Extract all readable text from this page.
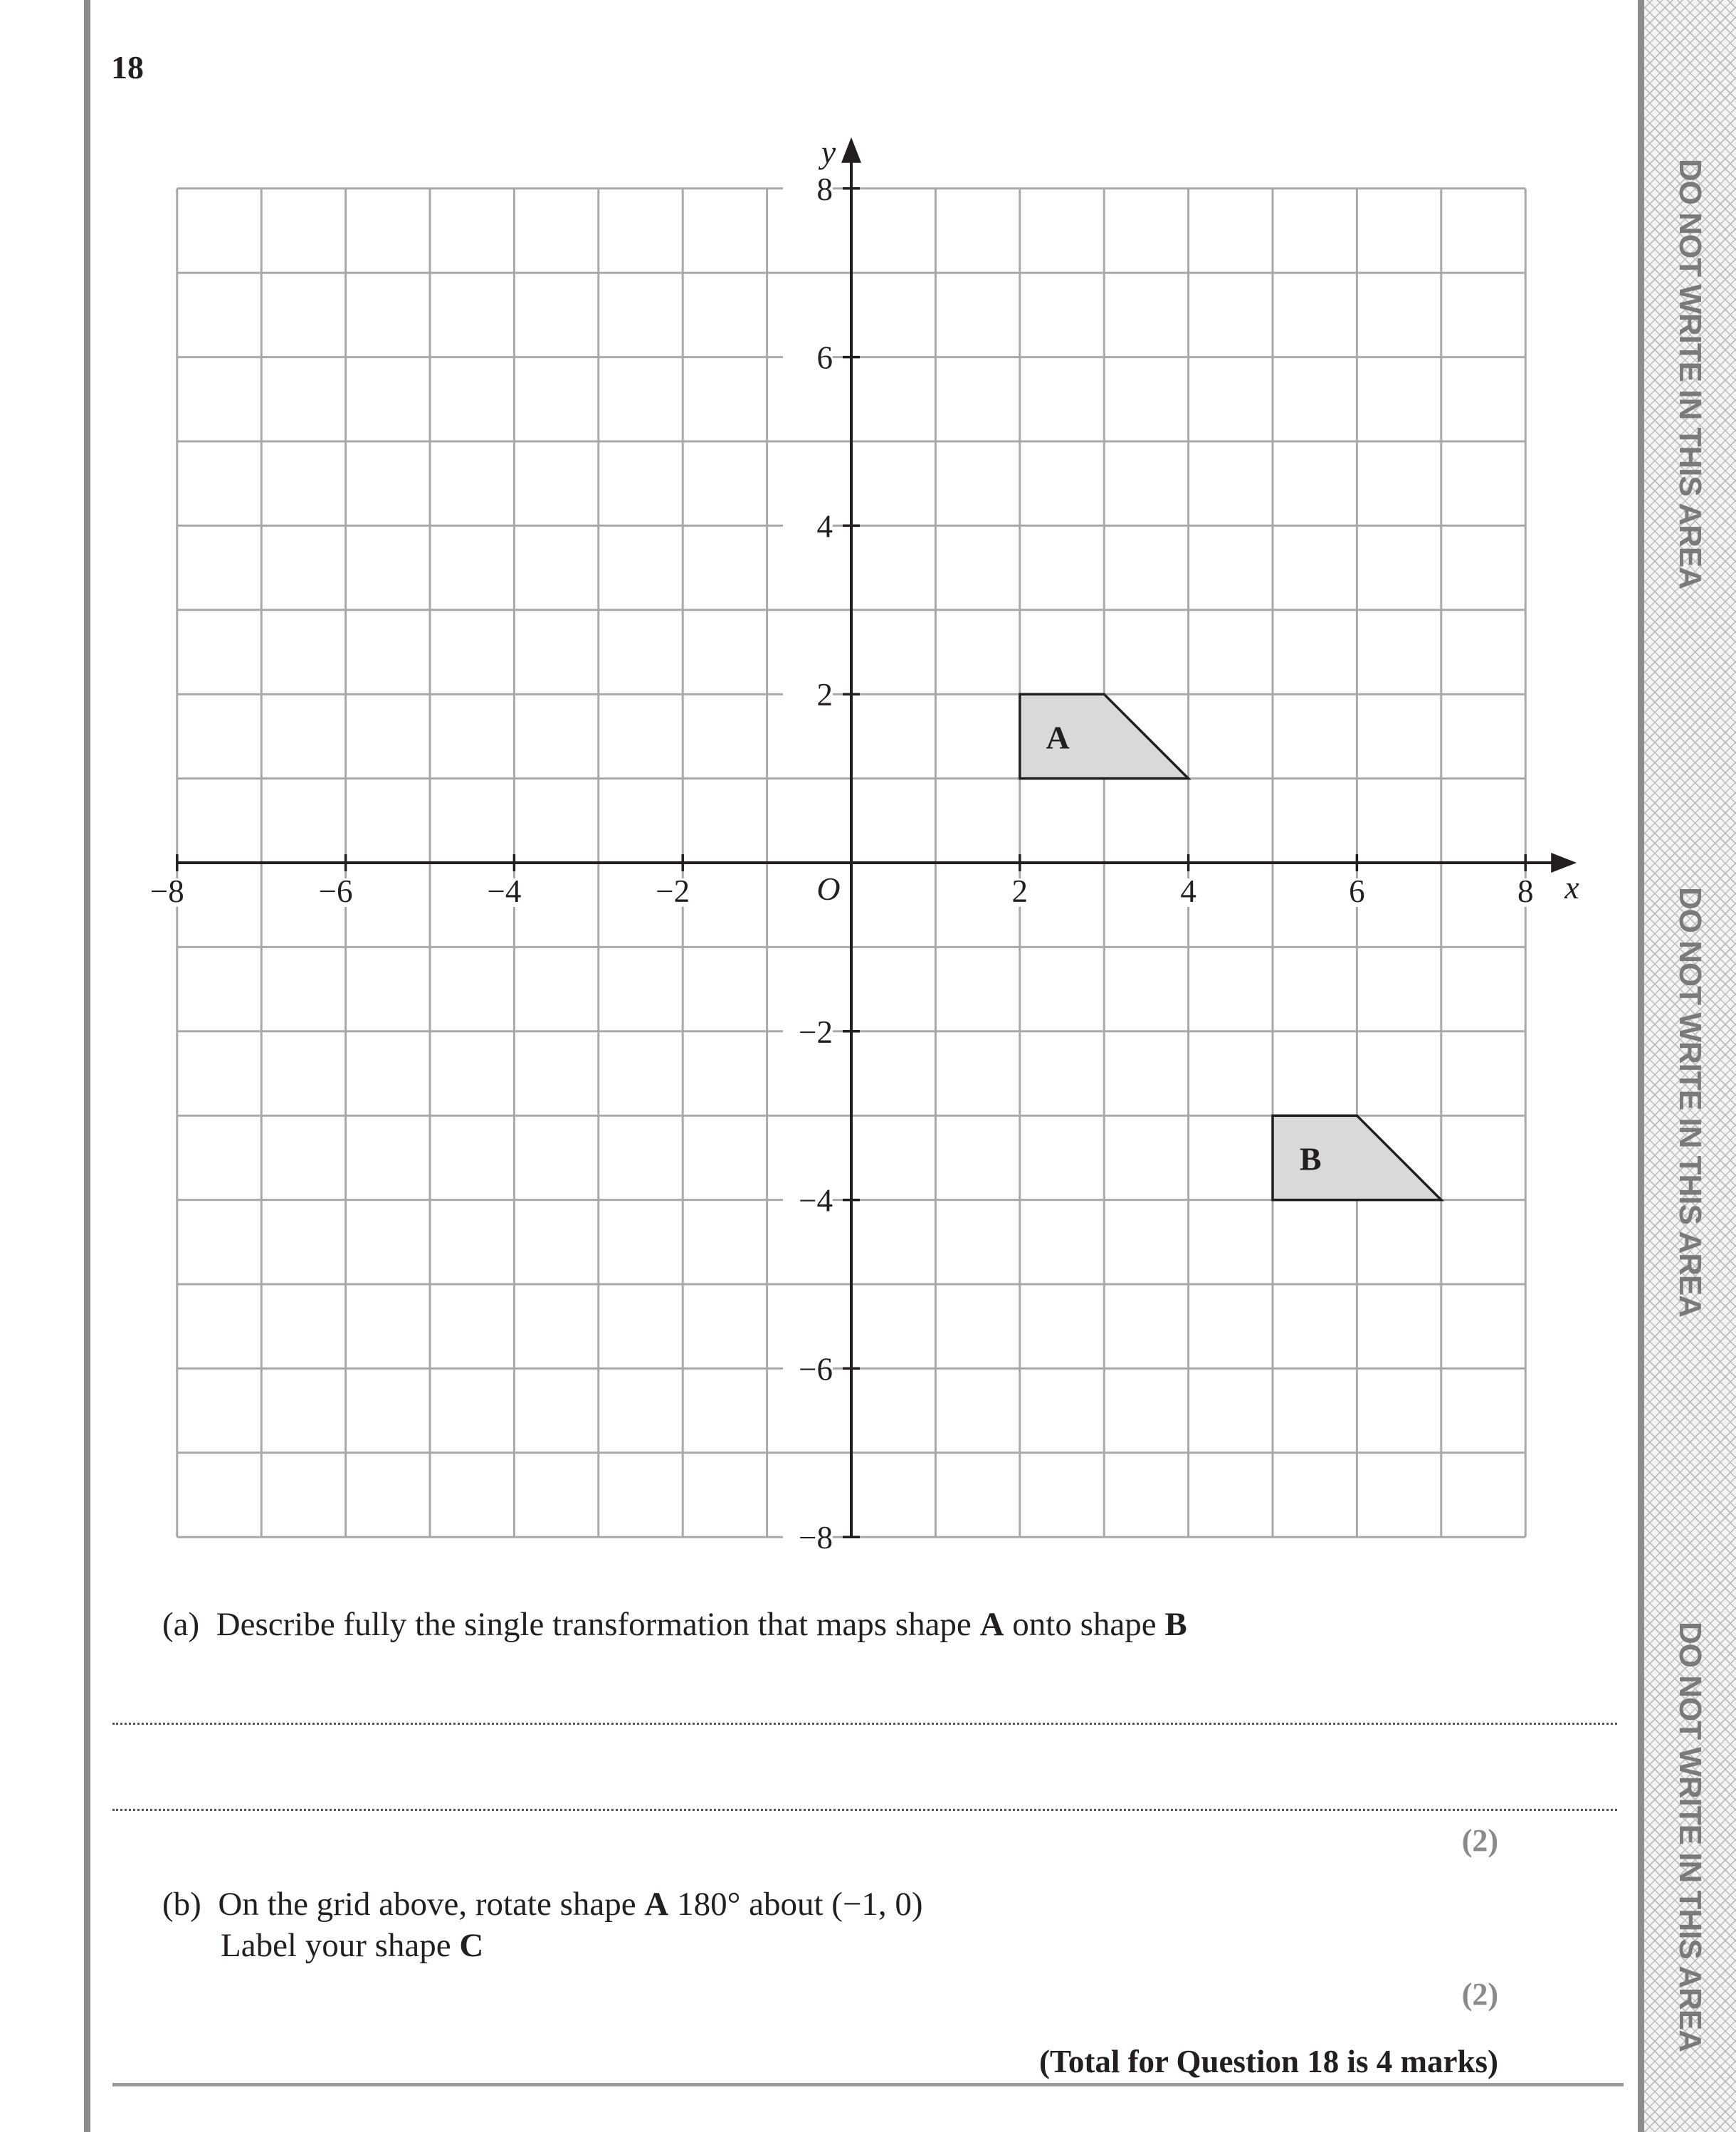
DO NOT WRITE IN THIS AREA
DO NOT WRITE IN THIS AREA
DO NOT WRITE IN THIS AREA
18
A
B
−8	−6	−4	−2	2	4	6	8
8
6
4
2
−2
−4
−6
−8
x
y
O
(a) Describe fully the single transformation that maps shape A onto shape B
(2)
(b) On the grid above, rotate shape A 180° about (−1, 0)
Label your shape C
(2)
(Total for Question 18 is 4 marks)
